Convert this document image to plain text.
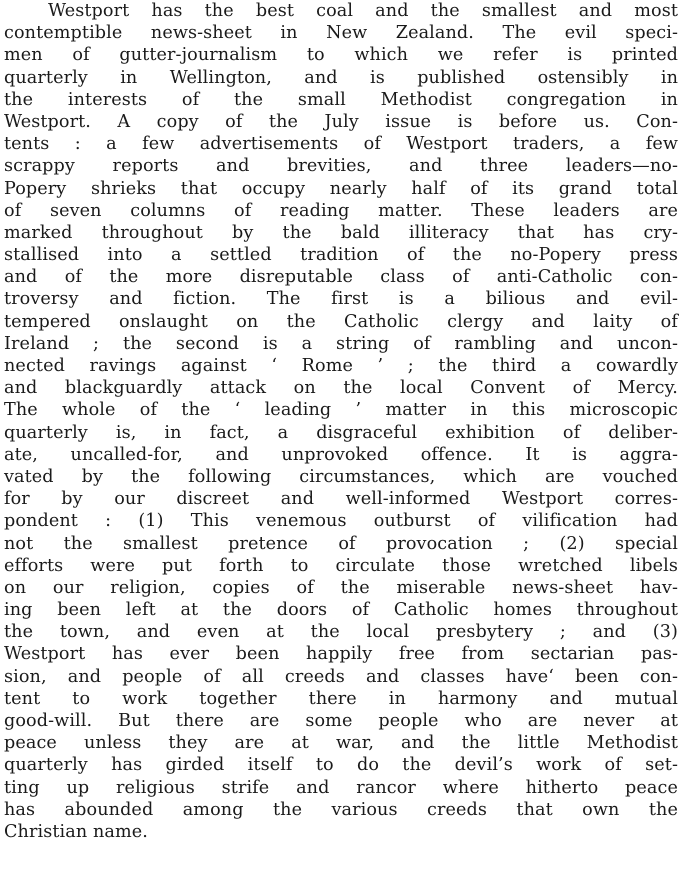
Westport has the best coal and the smallest and most
contemptible news-sheet in New Zealand. The evil speci-
men of gutter-journalism to which we refer is printed
quarterly in Wellington, and is published ostensibly in
the interests of the small Methodist congregation in
Westport. A copy of the July issue is before us. Con-
tents : a few advertisements of Westport traders, a few
scrappy reports and brevities, and three leaders—no-
Popery shrieks that occupy nearly half of its grand total
of seven columns of reading matter. These leaders are
marked throughout by the bald illiteracy that has cry-
stallised into a settled tradition of the no-Popery press
and of the more disreputable class of anti-Catholic con-
troversy and fiction. The first is a bilious and evil-
tempered onslaught on the Catholic clergy and laity of
Ireland ; the second is a string of rambling and uncon-
nected ravings against ‘ Rome ’ ; the third a cowardly
and blackguardly attack on the local Convent of Mercy.
The whole of the ‘ leading ’ matter in this microscopic
quarterly is, in fact, a disgraceful exhibition of deliber-
ate, uncalled-for, and unprovoked offence. It is aggra-
vated by the following circumstances, which are vouched
for by our discreet and well-informed Westport corres-
pondent : (1) This venemous outburst of vilification had
not the smallest pretence of provocation ; (2) special
efforts were put forth to circulate those wretched libels
on our religion, copies of the miserable news-sheet hav-
ing been left at the doors of Catholic homes throughout
the town, and even at the local presbytery ; and (3)
Westport has ever been happily free from sectarian pas-
sion, and people of all creeds and classes have‘ been con-
tent to work together there in harmony and mutual
good-will. But there are some people who are never at
peace unless they are at war, and the little Methodist
quarterly has girded itself to do the devil’s work of set-
ting up religious strife and rancor where hitherto peace
has abounded among the various creeds that own the
Christian name.
